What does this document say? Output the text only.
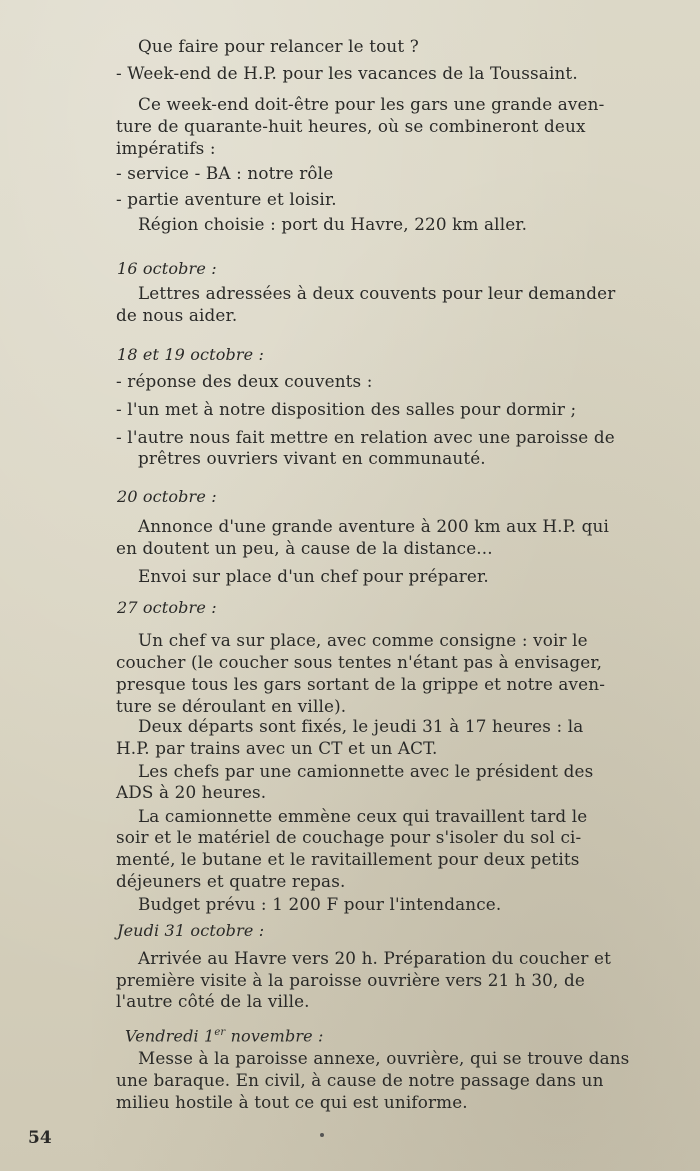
Que faire pour relancer le tout ?
- Week-end de H.P. pour les vacances de la Toussaint.
Ce week-end doit-être pour les gars une grande aven-
ture de quarante-huit heures, où se combineront deux
impératifs :
- service - BA : notre rôle
- partie aventure et loisir.
Région choisie : port du Havre, 220 km aller.
16 octobre :
Lettres adressées à deux couvents pour leur demander
de nous aider.
18 et 19 octobre :
- réponse des deux couvents :
- l'un met à notre disposition des salles pour dormir ;
- l'autre nous fait mettre en relation avec une paroisse de
prêtres ouvriers vivant en communauté.
20 octobre :
Annonce d'une grande aventure à 200 km aux H.P. qui
en doutent un peu, à cause de la distance...
Envoi sur place d'un chef pour préparer.
27 octobre :
Un chef va sur place, avec comme consigne : voir le
coucher (le coucher sous tentes n'étant pas à envisager,
presque tous les gars sortant de la grippe et notre aven-
ture se déroulant en ville).
Deux départs sont fixés, le jeudi 31 à 17 heures : la
H.P. par trains avec un CT et un ACT.
Les chefs par une camionnette avec le président des
ADS à 20 heures.
La camionnette emmène ceux qui travaillent tard le
soir et le matériel de couchage pour s'isoler du sol ci-
menté, le butane et le ravitaillement pour deux petits
déjeuners et quatre repas.
Budget prévu : 1 200 F pour l'intendance.
Jeudi 31 octobre :
Arrivée au Havre vers 20 h. Préparation du coucher et
première visite à la paroisse ouvrière vers 21 h 30, de
l'autre côté de la ville.
Vendredi 1er novembre :
Messe à la paroisse annexe, ouvrière, qui se trouve dans
une baraque. En civil, à cause de notre passage dans un
milieu hostile à tout ce qui est uniforme.
54
